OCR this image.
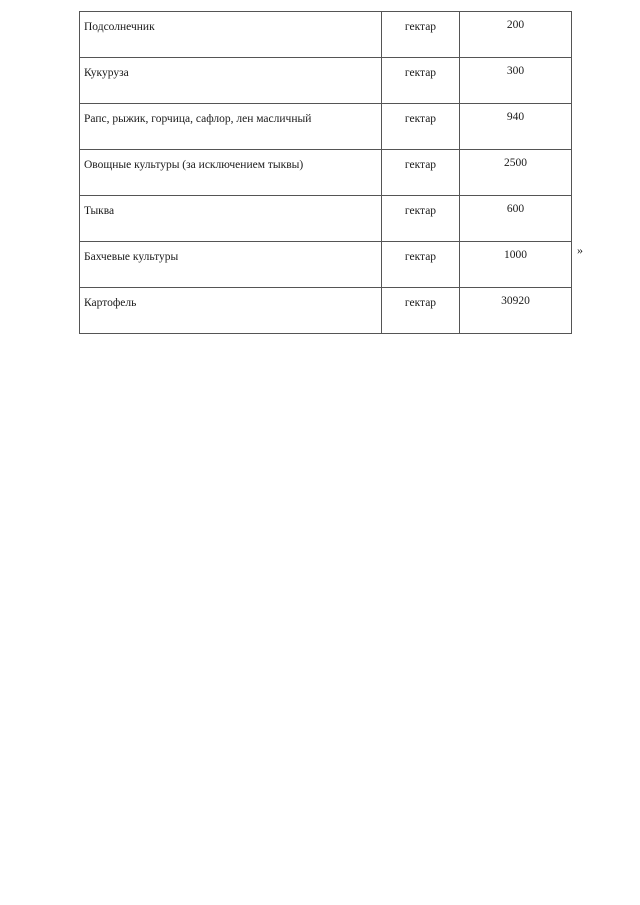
Подсолнечник	гектар	200
Кукуруза	гектар	300
Рапс, рыжик, горчица, сафлор, лен масличный	гектар	940
Овощные культуры (за исключением тыквы)	гектар	2500
Тыква	гектар	600
Бахчевые культуры	гектар	1000
Картофель	гектар	30920
»
